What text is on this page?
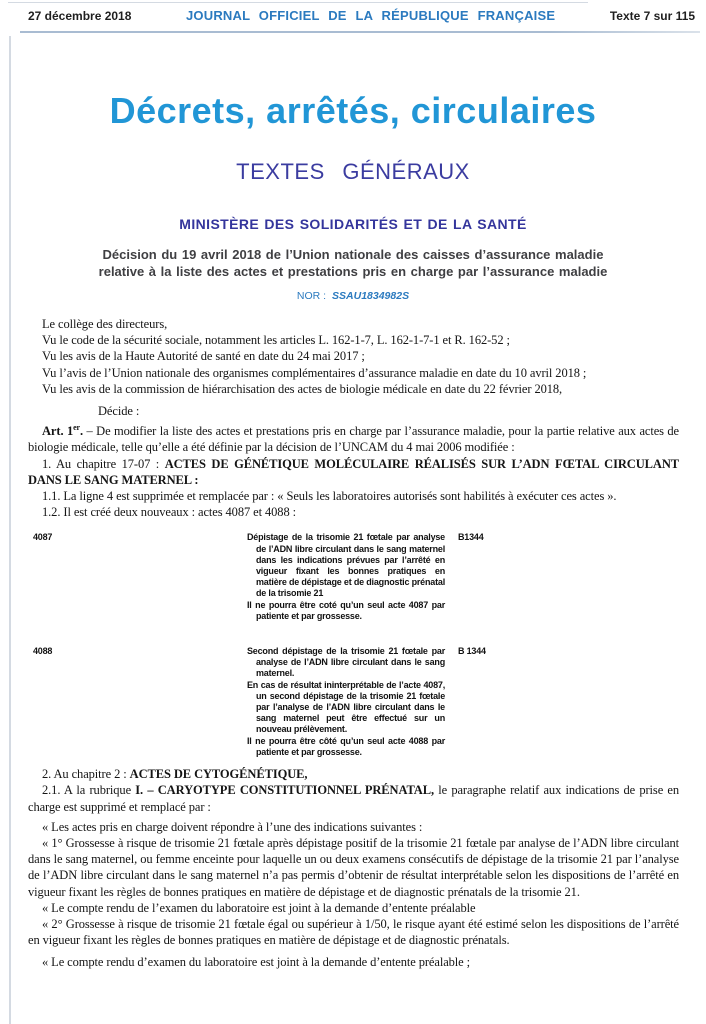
27 décembre 2018	JOURNAL OFFICIEL DE LA RÉPUBLIQUE FRANÇAISE	Texte 7 sur 115
Décrets, arrêtés, circulaires
TEXTES GÉNÉRAUX
MINISTÈRE DES SOLIDARITÉS ET DE LA SANTÉ
Décision du 19 avril 2018 de l’Union nationale des caisses d’assurance maladie
relative à la liste des actes et prestations pris en charge par l’assurance maladie
NOR : SSAU1834982S

Le collège des directeurs,

Vu le code de la sécurité sociale, notamment les articles L. 162-1-7, L. 162-1-7-1 et R. 162-52 ;

Vu les avis de la Haute Autorité de santé en date du 24 mai 2017 ;

Vu l’avis de l’Union nationale des organismes complémentaires d’assurance maladie en date du 10 avril 2018 ;

Vu les avis de la commission de hiérarchisation des actes de biologie médicale en date du 22 février 2018,

Décide :

Art. 1er. – De modifier la liste des actes et prestations pris en charge par l’assurance maladie, pour la partie relative aux actes de biologie médicale, telle qu’elle a été définie par la décision de l’UNCAM du 4 mai 2006 modifiée :

1. Au chapitre 17-07 : ACTES DE GÉNÉTIQUE MOLÉCULAIRE RÉALISÉS SUR L’ADN FŒTAL CIRCULANT DANS LE SANG MATERNEL :

1.1. La ligne 4 est supprimée et remplacée par : « Seuls les laboratoires autorisés sont habilités à exécuter ces actes ».

1.2. Il est créé deux nouveaux : actes 4087 et 4088 :

4087	Dépistage de la trisomie 21 fœtale par analyse de l’ADN libre circulant dans le sang maternel dans les indications prévues par l’arrêté en vigueur fixant les bonnes pratiques en matière de dépistage et de diagnostic prénatal de la trisomie 21

Il ne pourra être coté qu’un seul acte 4087 par patiente et par grossesse.

B1344
4088	Second dépistage de la trisomie 21 fœtale par analyse de l’ADN libre circulant dans le sang maternel.

En cas de résultat ininterprétable de l’acte 4087, un second dépistage de la trisomie 21 fœtale par l’analyse de l’ADN libre circulant dans le sang maternel peut être effectué sur un nouveau prélèvement.

Il ne pourra être côté qu’un seul acte 4088 par patiente et par grossesse.

B 1344

2. Au chapitre 2 : ACTES DE CYTOGÉNÉTIQUE,

2.1. A la rubrique I. – CARYOTYPE CONSTITUTIONNEL PRÉNATAL, le paragraphe relatif aux indications de prise en charge est supprimé et remplacé par :

« Les actes pris en charge doivent répondre à l’une des indications suivantes :

« 1° Grossesse à risque de trisomie 21 fœtale après dépistage positif de la trisomie 21 fœtale par analyse de l’ADN libre circulant dans le sang maternel, ou femme enceinte pour laquelle un ou deux examens consécutifs de dépistage de la trisomie 21 par l’analyse de l’ADN libre circulant dans le sang maternel n’a pas permis d’obtenir de résultat interprétable selon les dispositions de l’arrêté en vigueur fixant les règles de bonnes pratiques en matière de dépistage et de diagnostic prénatals de la trisomie 21.

« Le compte rendu de l’examen du laboratoire est joint à la demande d’entente préalable

« 2° Grossesse à risque de trisomie 21 fœtale égal ou supérieur à 1/50, le risque ayant été estimé selon les dispositions de l’arrêté en vigueur fixant les règles de bonnes pratiques en matière de dépistage et de diagnostic prénatals.

« Le compte rendu d’examen du laboratoire est joint à la demande d’entente préalable ;
